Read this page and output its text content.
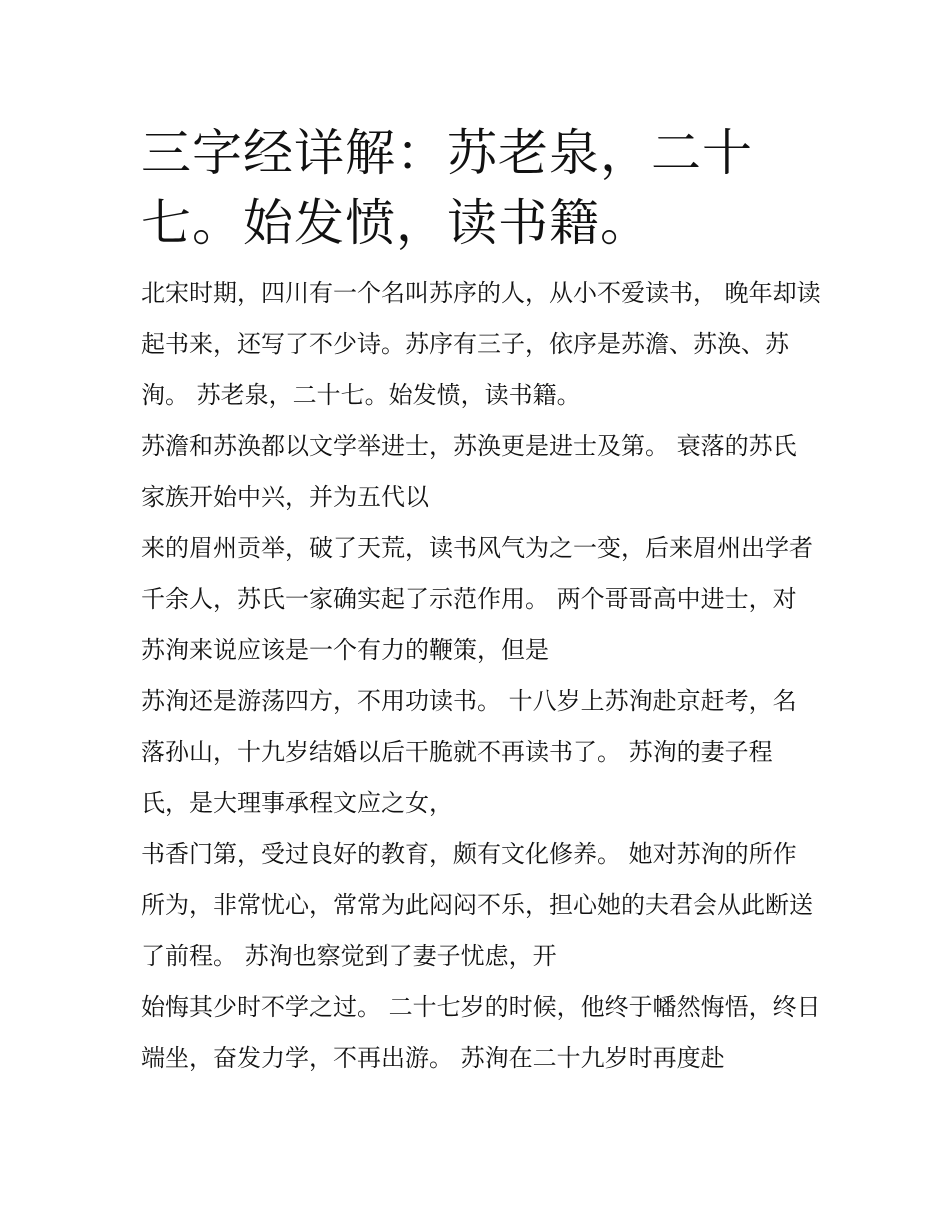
三字经详解：苏老泉，二十七。始发愤，读书籍。

北宋时期，四川有一个名叫苏序的人，从小不爱读书， 晚年却读起书来，还写了不少诗。苏序有三子，依序是苏澹、苏涣、苏洵。 苏老泉，二十七。始发愤，读书籍。

苏澹和苏涣都以文学举进士，苏涣更是进士及第。 衰落的苏氏家族开始中兴，并为五代以

来的眉州贡举，破了天荒，读书风气为之一变，后来眉州出学者千余人，苏氏一家确实起了示范作用。 两个哥哥高中进士，对苏洵来说应该是一个有力的鞭策，但是

苏洵还是游荡四方，不用功读书。 十八岁上苏洵赴京赶考，名落孙山，十九岁结婚以后干脆就不再读书了。 苏洵的妻子程氏，是大理事承程文应之女，

书香门第，受过良好的教育，颇有文化修养。 她对苏洵的所作所为，非常忧心，常常为此闷闷不乐，担心她的夫君会从此断送了前程。 苏洵也察觉到了妻子忧虑，开

始悔其少时不学之过。 二十七岁的时候，他终于幡然悔悟，终日端坐，奋发力学，不再出游。 苏洵在二十九岁时再度赴
